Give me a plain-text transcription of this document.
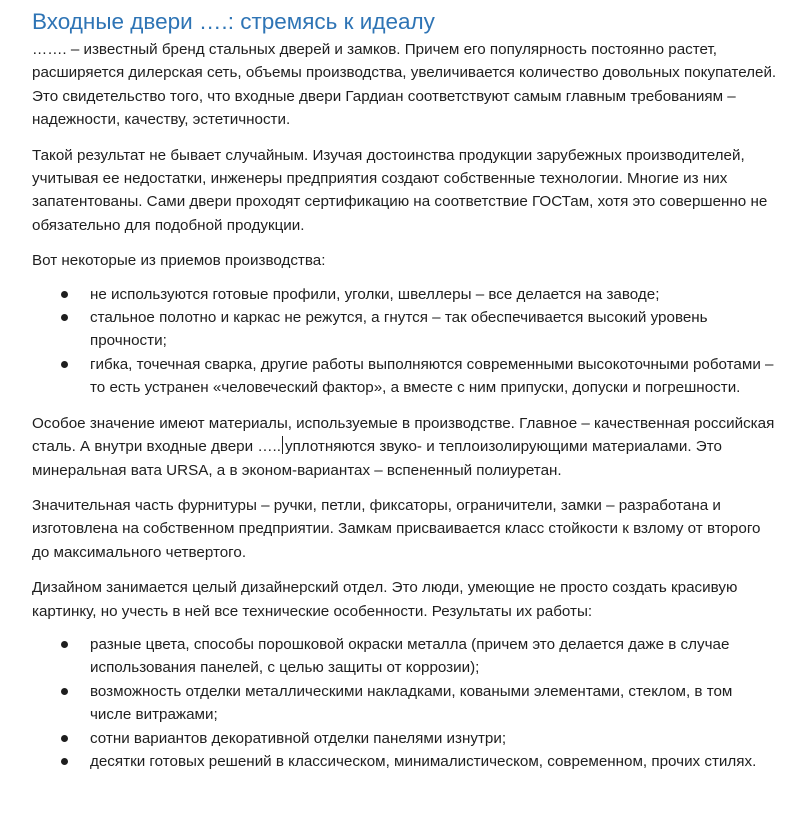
Входные двери ….: стремясь к идеалу

……. – известный бренд стальных дверей и замков. Причем его популярность постоянно растет, расширяется дилерская сеть, объемы производства, увеличивается количество довольных покупателей. Это свидетельство того, что входные двери Гардиан соответствуют самым главным требованиям – надежности, качеству, эстетичности.

Такой результат не бывает случайным. Изучая достоинства продукции зарубежных производителей, учитывая ее недостатки, инженеры предприятия создают собственные технологии. Многие из них запатентованы. Сами двери проходят сертификацию на соответствие ГОСТам, хотя это совершенно не обязательно для подобной продукции.

Вот некоторые из приемов производства:

не используются готовые профили, уголки, швеллеры – все делается на заводе;
стальное полотно и каркас не режутся, а гнутся – так обеспечивается высокий уровень прочности;
гибка, точечная сварка, другие работы выполняются современными высокоточными роботами – то есть устранен «человеческий фактор», а вместе с ним припуски, допуски и погрешности.

Особое значение имеют материалы, используемые в производстве. Главное – качественная российская сталь. А внутри входные двери ….. уплотняются звуко- и теплоизолирующими материалами. Это минеральная вата URSA, а в эконом-вариантах – вспененный полиуретан.

Значительная часть фурнитуры – ручки, петли, фиксаторы, ограничители, замки – разработана и изготовлена на собственном предприятии. Замкам присваивается класс стойкости к взлому от второго до максимального четвертого.

Дизайном занимается целый дизайнерский отдел. Это люди, умеющие не просто создать красивую картинку, но учесть в ней все технические особенности. Результаты их работы:

разные цвета, способы порошковой окраски металла (причем это делается даже в случае использования панелей, с целью защиты от коррозии);
возможность отделки металлическими накладками, коваными элементами, стеклом, в том числе витражами;
сотни вариантов декоративной отделки панелями изнутри;
десятки готовых решений в классическом, минималистическом, современном, прочих стилях.
